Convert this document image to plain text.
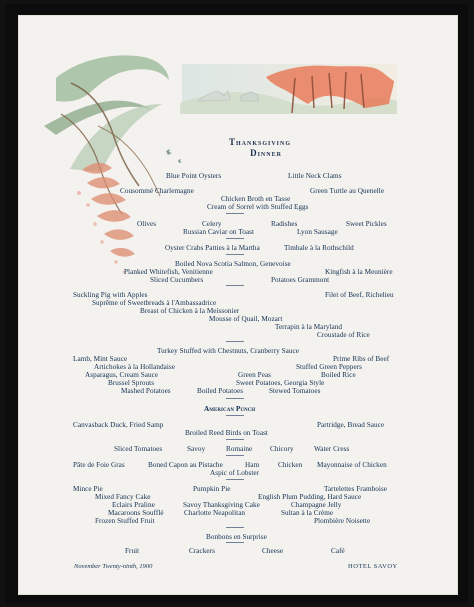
Thanksgiving
Dinner
Blue Point Oysters	Little Neck Clams
Cousommé Charlemagne	Green Turtle au Quenelle
Chicken Broth en Tasse
Cream of Sorrel with Stuffed Eggs
Olives	Celery	Radishes	Sweet Pickles
Russian Caviar on Toast	Lyon Sausage
Oyster Crabs Patties à la Martha	Timbale à la Rothschild
Boiled Nova Scotia Salmon, Genevoise
Planked Whitefish, Venitienne	Kingfish à la Meunière
Sliced Cucumbers	Potatoes Grammont
Suckling Pig with Apples	Filet of Beef, Richelieu
Suprême of Sweetbreads à l'Ambassadrice
Breast of Chicken à la Meissonier
Mousse of Quail, Mozart
Terrapin à la Maryland
Croustade of Rice
Turkey Stuffed with Chestnuts, Cranberry Sauce
Lamb, Mint Sauce	Prime Ribs of Beef
Artichokes à la Hollandaise	Stuffed Green Peppers
Asparagus, Cream Sauce	Green Peas	Boiled Rice
Brussel Sprouts	Sweet Potatoes, Georgia Style
Mashed Potatoes	Boiled Potatoes	Stewed Tomatoes
American Punch
Canvasback Duck, Fried Samp	Partridge, Bread Sauce
Broiled Reed Birds on Toast
Sliced Tomatoes	Savoy	Romaine Chicory	Water Cress
Pâte de Foie Gras	Boned Capon au Pistache	Ham	Chicken Mayonnaise of Chicken
Aspic of Lobster
Mince Pie	Pumpkin Pie	Tartelettes Framboise
Mixed Fancy Cake	English Plum Pudding, Hard Sauce
Eclairs Praline	Savoy Thanksgiving Cake	Champagne Jelly
Macaroons Soufflé	Charlotte Neapolitan	Sultan à la Crème
Frozen Stuffed Fruit	Plombière Noisette
Bonbons en Surprise
Fruit	Crackers	Cheese	Café
November Twenty-ninth, 1900	HOTEL SAVOY
